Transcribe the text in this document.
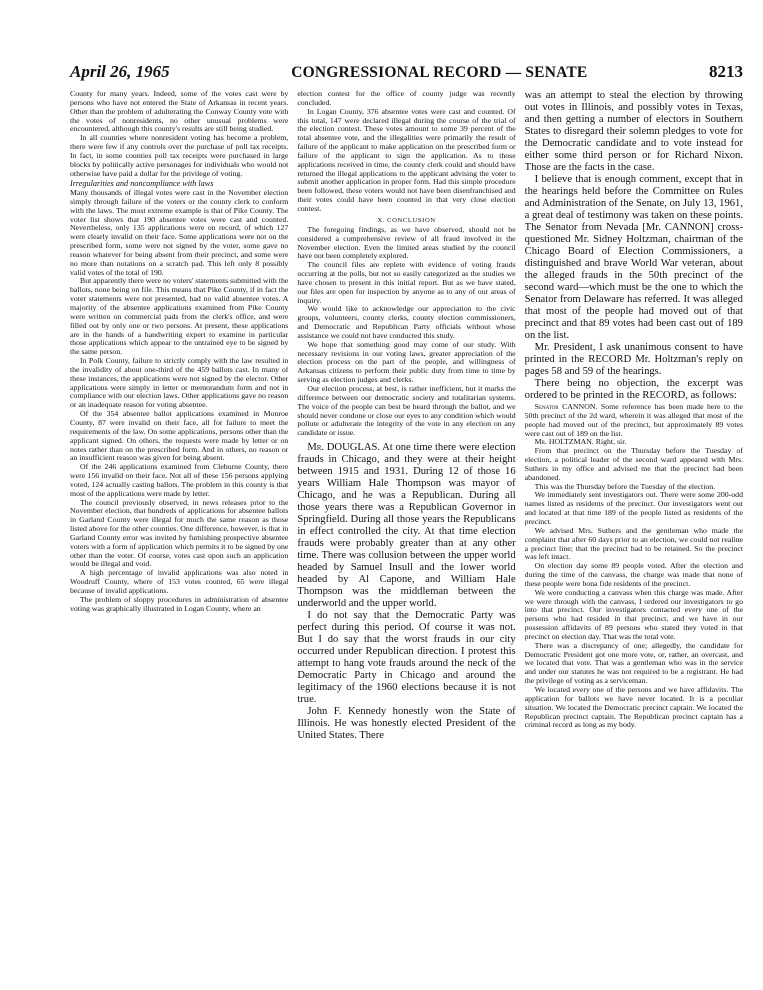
April 26, 1965	CONGRESSIONAL RECORD — SENATE	8213

County for many years. Indeed, some of the votes cast were by persons who have not entered the State of Arkansas in recent years. Other than the problem of adulterating the Conway County vote with the votes of nonresidents, no other unusual problems were encountered, although this county's results are still being studied.

In all counties where nonresident voting has become a problem, there were few if any controls over the purchase of poll tax receipts. In fact, in some counties poll tax receipts were purchased in large blocks by politically active personages for individuals who would not otherwise have paid a dollar for the privilege of voting.

Irregularities and noncompliance with laws

Many thousands of illegal votes were cast in the November election simply through failure of the voters or the county clerk to conform with the laws. The most extreme example is that of Pike County. The voter list shows that 190 absentee votes were cast and counted. Nevertheless, only 135 applications were on record, of which 127 were clearly invalid on their face. Some applications were not on the prescribed form, some were not signed by the voter, some gave no reason whatever for being absent from their precinct, and some were no more than notations on a scratch pad. This left only 8 possibly valid votes of the total of 190.

But apparently there were no voters' statements submitted with the ballots, none being on file. This means that Pike County, if in fact the voter statements were not presented, had no valid absentee votes. A majority of the absentee applications examined from Pike County were written on commercial pads from the clerk's office, and were filled out by only one or two persons. At present, these applications are in the hands of a handwriting expert to examine in particular those applications which appear to the untrained eye to be signed by the same person.

In Polk County, failure to strictly comply with the law resulted in the invalidity of about one-third of the 459 ballots cast. In many of these instances, the applications were not signed by the elector. Other applications were simply in letter or memorandum form and not in compliance with our election laws. Other applications gave no reason or an inadequate reason for voting absentee.

Of the 354 absentee ballot applications examined in Monroe County, 87 were invalid on their face, all for failure to meet the requirements of the law. On some applications, persons other than the applicant signed. On others, the requests were made by letter or on notes rather than on the prescribed form. And in others, no reason or an insufficient reason was given for being absent.

Of the 246 applications examined from Cleburne County, there were 156 invalid on their face. Not all of these 156 persons applying voted, 124 actually casting ballots. The problem in this county is that most of the applications were made by letter.

The council previously observed, in news releases prior to the November election, that hundreds of applications for absentee ballots in Garland County were illegal for much the same reason as those listed above for the other counties. One difference, however, is that in Garland County error was invited by furnishing prospective absentee voters with a form of application which permits it to be signed by one other than the voter. Of course, votes cast upon such an application would be illegal and void.

A high percentage of invalid applications was also noted in Woodruff County, where of 153 votes counted, 65 were illegal because of invalid applications.

The problem of sloppy procedures in administration of absentee voting was graphically illustrated in Logan County, where an

election contest for the office of county judge was recently concluded.

In Logan County, 376 absentee votes were cast and counted. Of this total, 147 were declared illegal during the course of the trial of the election contest. These votes amount to some 39 percent of the total absentee vote, and the illegalities were primarily the result of failure of the applicant to make application on the prescribed form or failure of the applicant to sign the application. As to those applications received in time, the county clerk could and should have returned the illegal applications to the applicant advising the voter to submit another application in proper form. Had this simple procedure been followed, these voters would not have been disenfranchised and their votes could have been counted in that very close election contest.

X. CONCLUSION

The foregoing findings, as we have observed, should not be considered a comprehensive review of all fraud involved in the November election. Even the limited areas studied by the council have not been completely explored.

The council files are replete with evidence of voting frauds occurring at the polls, but not so easily categorized as the studies we have chosen to present in this initial report. But as we have stated, our files are open for inspection by anyone as to any of our areas of inquiry.

We would like to acknowledge our appreciation to the civic groups, volunteers, county clerks, county election commissioners, and Democratic and Republican Party officials without whose assistance we could not have conducted this study.

We hope that something good may come of our study. With necessary revisions in our voting laws, greater appreciation of the election process on the part of the people, and willingness of Arkansas citizens to perform their public duty from time to time by serving as election judges and clerks.

Our election process, at best, is rather inefficient, but it marks the difference between our democratic society and totalitarian systems. The voice of the people can best be heard through the ballot, and we should never condone or close our eyes to any condition which would pollute or adulterate the integrity of the vote in any election on any candidate or issue.

Mr. DOUGLAS. At one time there were election frauds in Chicago, and they were at their height between 1915 and 1931. During 12 of those 16 years William Hale Thompson was mayor of Chicago, and he was a Republican. During all those years there was a Republican Governor in Springfield. During all those years the Republicans in effect controlled the city. At that time election frauds were probably greater than at any other time. There was collusion between the upper world headed by Samuel Insull and the lower world headed by Al Capone, and William Hale Thompson was the middleman between the underworld and the upper world.

I do not say that the Democratic Party was perfect during this period. Of course it was not. But I do say that the worst frauds in our city occurred under Republican direction. I protest this attempt to hang vote frauds around the neck of the Democratic Party in Chicago and around the legitimacy of the 1960 elections because it is not true.

John F. Kennedy honestly won the State of Illinois. He was honestly elected President of the United States. There

was an attempt to steal the election by throwing out votes in Illinois, and possibly votes in Texas, and then getting a number of electors in Southern States to disregard their solemn pledges to vote for the Democratic candidate and to vote instead for either some third person or for Richard Nixon. Those are the facts in the case.

I believe that is enough comment, except that in the hearings held before the Committee on Rules and Administration of the Senate, on July 13, 1961, a great deal of testimony was taken on these points. The Senator from Nevada [Mr. CANNON] cross-questioned Mr. Sidney Holtzman, chairman of the Chicago Board of Election Commissioners, a distinguished and brave World War veteran, about the alleged frauds in the 50th precinct of the second ward—which must be the one to which the Senator from Delaware has referred. It was alleged that most of the people had moved out of that precinct and that 89 votes had been cast out of 189 on the list.

Mr. President, I ask unanimous consent to have printed in the RECORD Mr. Holtzman's reply on pages 58 and 59 of the hearings.

There being no objection, the excerpt was ordered to be printed in the RECORD, as follows:

Senator CANNON. Some reference has been made here to the 50th precinct of the 2d ward, wherein it was alleged that most of the people had moved out of the precinct, but approximately 89 votes were cast out of 189 on the list.

Mr. HOLTZMAN. Right, sir.

From that precinct on the Thursday before the Tuesday of election, a political leader of the second ward appeared with Mrs. Suthers in my office and advised me that the precinct had been abandoned.

This was the Thursday before the Tuesday of the election.

We immediately sent investigators out. There were some 200-odd names listed as residents of the precinct. Our investigators went out and located at that time 189 of the people listed as residents of the precinct.

We advised Mrs. Suthers and the gentleman who made the complaint that after 60 days prior to an election, we could not realine a precinct line; that the precinct had to be retained. So the precinct was left intact.

On election day some 89 people voted. After the election and during the time of the canvass, the charge was made that none of these people were bona fide residents of the precinct.

We were conducting a canvass when this charge was made. After we were through with the canvass, I ordered our investigators to go into that precinct. Our investigators contacted every one of the persons who had resided in that precinct, and we have in our possession affidavits of 89 persons who stated they voted in that precinct on election day. That was the total vote.

There was a discrepancy of one; allegedly, the candidate for Democratic President got one more vote, or, rather, an overcast, and we located that vote. That was a gentleman who was in the service and under our statutes he was not required to be a registrant. He had the privilege of voting as a serviceman.

We located every one of the persons and we have affidavits. The application for ballots we have never located. It is a peculiar situation. We located the Democratic precinct captain. We located the Republican precinct captain. The Republican precinct captain has a criminal record as long as my body.
